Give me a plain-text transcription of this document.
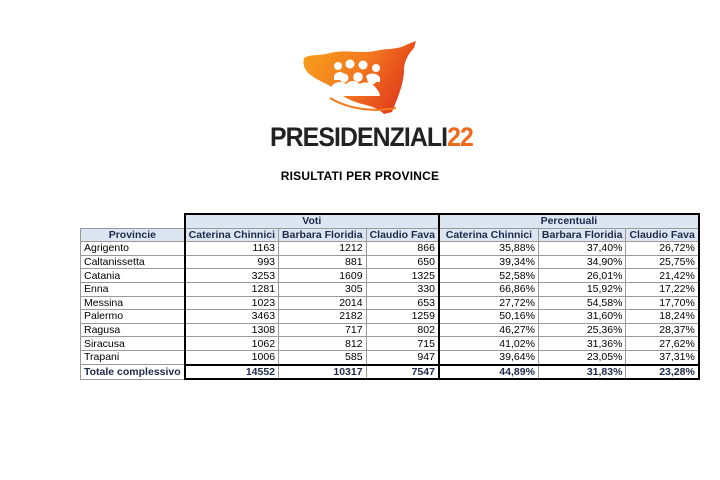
PRESIDENZIALI22
RISULTATI PER PROVINCE
	Voti			Percentuali		
Provincie	Caterina Chinnici	Barbara Floridia	Claudio Fava	Caterina Chinnici	Barbara Floridia	Claudio Fava
Agrigento	1163	1212	866	35,88%	37,40%	26,72%
Caltanissetta	993	881	650	39,34%	34,90%	25,75%
Catania	3253	1609	1325	52,58%	26,01%	21,42%
Enna	1281	305	330	66,86%	15,92%	17,22%
Messina	1023	2014	653	27,72%	54,58%	17,70%
Palermo	3463	2182	1259	50,16%	31,60%	18,24%
Ragusa	1308	717	802	46,27%	25,36%	28,37%
Siracusa	1062	812	715	41,02%	31,36%	27,62%
Trapani	1006	585	947	39,64%	23,05%	37,31%
Totale complessivo	14552	10317	7547	44,89%	31,83%	23,28%
